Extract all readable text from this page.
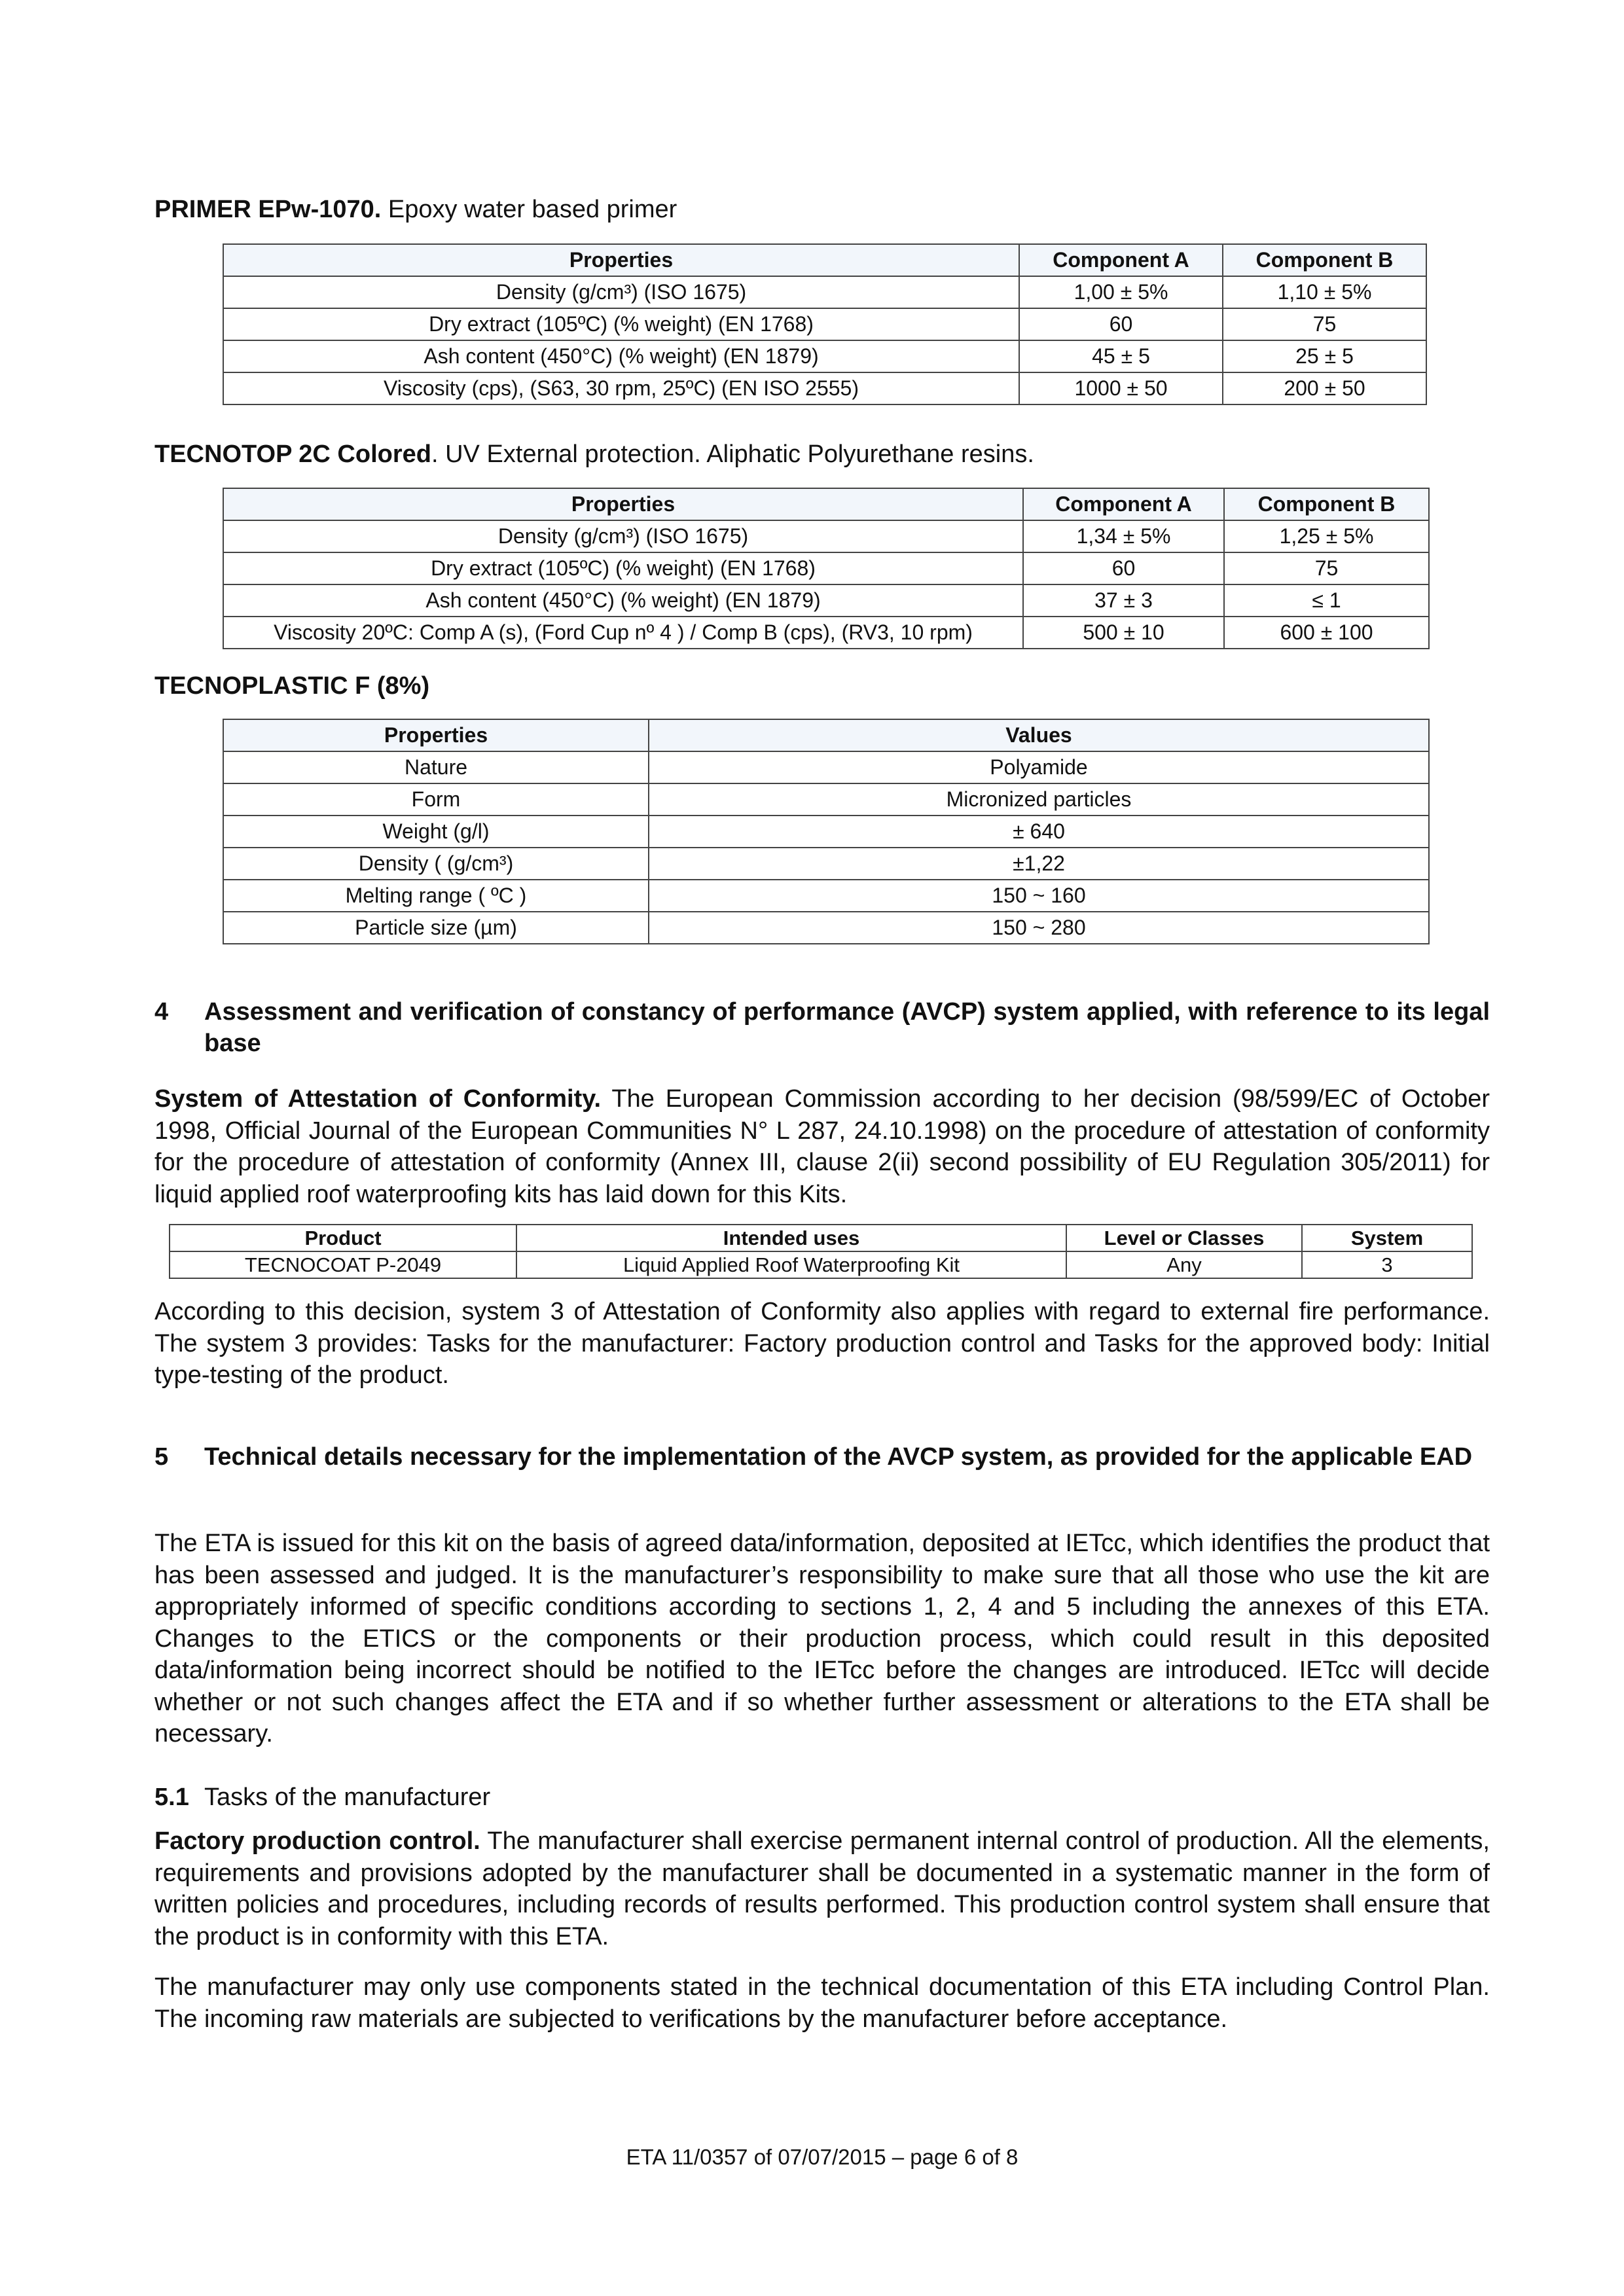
PRIMER EPw-1070. Epoxy water based primer

Properties	Component A	Component B
Density (g/cm³) (ISO 1675)	1,00 ± 5%	1,10 ± 5%
Dry extract (105ºC) (% weight) (EN 1768)	60	75
Ash content (450°C) (% weight) (EN 1879)	45 ± 5	25 ± 5
Viscosity (cps), (S63, 30 rpm, 25ºC) (EN ISO 2555)	1000 ± 50	200 ± 50

TECNOTOP 2C Colored. UV External protection. Aliphatic Polyurethane resins.

Properties	Component A	Component B
Density (g/cm³) (ISO 1675)	1,34 ± 5%	1,25 ± 5%
Dry extract (105ºC) (% weight) (EN 1768)	60	75
Ash content (450°C) (% weight) (EN 1879)	37 ± 3	≤ 1
Viscosity 20ºC: Comp A (s), (Ford Cup nº 4 ) / Comp B (cps), (RV3, 10 rpm)	500 ± 10	600 ± 100

TECNOPLASTIC F (8%)

Properties	Values
Nature	Polyamide
Form	Micronized particles
Weight (g/l)	± 640
Density ( (g/cm³)	±1,22
Melting range ( ºC )	150 ~ 160
Particle size (µm)	150 ~ 280
4 Assessment and verification of constancy of performance (AVCP) system applied, with reference to its legal base

System of Attestation of Conformity. The European Commission according to her decision (98/599/EC of October 1998, Official Journal of the European Communities N° L 287, 24.10.1998) on the procedure of attestation of conformity for the procedure of attestation of conformity (Annex III, clause 2(ii) second possibility of EU Regulation 305/2011) for liquid applied roof waterproofing kits has laid down for this Kits.

Product	Intended uses	Level or Classes	System
TECNOCOAT P-2049	Liquid Applied Roof Waterproofing Kit	Any	3

According to this decision, system 3 of Attestation of Conformity also applies with regard to external fire performance. The system 3 provides: Tasks for the manufacturer: Factory production control and Tasks for the approved body: Initial type-testing of the product.

5 Technical details necessary for the implementation of the AVCP system, as provided for the applicable EAD

The ETA is issued for this kit on the basis of agreed data/information, deposited at IETcc, which identifies the product that has been assessed and judged. It is the manufacturer’s responsibility to make sure that all those who use the kit are appropriately informed of specific conditions according to sections 1, 2, 4 and 5 including the annexes of this ETA. Changes to the ETICS or the components or their production process, which could result in this deposited data/information being incorrect should be notified to the IETcc before the changes are introduced. IETcc will decide whether or not such changes affect the ETA and if so whether further assessment or alterations to the ETA shall be necessary.

5.1 Tasks of the manufacturer

Factory production control. The manufacturer shall exercise permanent internal control of production. All the elements, requirements and provisions adopted by the manufacturer shall be documented in a systematic manner in the form of written policies and procedures, including records of results performed. This production control system shall ensure that the product is in conformity with this ETA.

The manufacturer may only use components stated in the technical documentation of this ETA including Control Plan. The incoming raw materials are subjected to verifications by the manufacturer before acceptance.

ETA 11/0357 of 07/07/2015 – page 6 of 8
